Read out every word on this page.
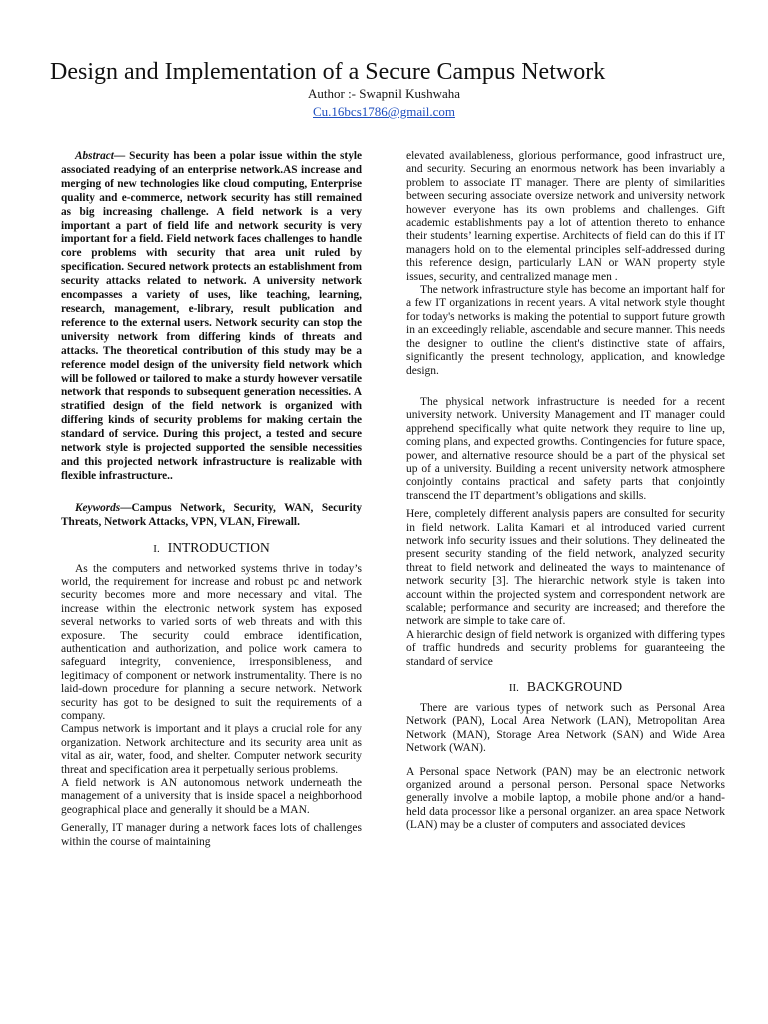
Design and Implementation of a Secure Campus Network
Author :- Swapnil Kushwaha
Cu.16bcs1786@gmail.com

Abstract— Security has been a polar issue within the style associated readying of an enterprise network.AS increase and merging of new technologies like cloud computing, Enterprise quality and e-commerce, network security has still remained as big increasing challenge. A field network is a very important a part of field life and network security is very important for a field. Field network faces challenges to handle core problems with security that area unit ruled by specification. Secured network protects an establishment from security attacks related to network. A university network encompasses a variety of uses, like teaching, learning, research, management, e-library, result publication and reference to the external users. Network security can stop the university network from differing kinds of threats and attacks. The theoretical contribution of this study may be a reference model design of the university field network which will be followed or tailored to make a sturdy however versatile network that responds to subsequent generation necessities. A stratified design of the field network is organized with differing kinds of security problems for making certain the standard of service. During this project, a tested and secure network style is projected supported the sensible necessities and this projected network infrastructure is realizable with flexible infrastructure..

Keywords—Campus Network, Security, WAN, Security Threats, Network Attacks, VPN, VLAN, Firewall.

I. INTRODUCTION

As the computers and networked systems thrive in today’s world, the requirement for increase and robust pc and network security becomes more and more necessary and vital. The increase within the electronic network system has exposed several networks to varied sorts of web threats and with this exposure. The security could embrace identification, authentication and authorization, and police work camera to safeguard integrity, convenience, irresponsibleness, and legitimacy of component or network instrumentality. There is no laid-down procedure for planning a secure network. Network security has got to be designed to suit the requirements of a company.

Campus network is important and it plays a crucial role for any organization. Network architecture and its security area unit as vital as air, water, food, and shelter. Computer network security threat and specification area it perpetually serious problems.

A field network is AN autonomous network underneath the management of a university that is inside spacel a neighborhood geographical place and generally it should be a MAN.

Generally, IT manager during a network faces lots of challenges within the course of maintaining

elevated availableness, glorious performance, good infrastruct ure, and security. Securing an enormous network has been invariably a problem to associate IT manager. There are plenty of similarities between securing associate oversize network and university network however everyone has its own problems and challenges. Gift academic establishments pay a lot of attention thereto to enhance their students’ learning expertise. Architects of field can do this if IT managers hold on to the elemental principles self-addressed during this reference design, particularly LAN or WAN property style issues, security, and centralized manage men .

The network infrastructure style has become an important half for a few IT organizations in recent years. A vital network style thought for today's networks is making the potential to support future growth in an exceedingly reliable, ascendable and secure manner. This needs the designer to outline the client's distinctive state of affairs, significantly the present technology, application, and knowledge design.

The physical network infrastructure is needed for a recent university network. University Management and IT manager could apprehend specifically what quite network they require to line up, coming plans, and expected growths. Contingencies for future space, power, and alternative resource should be a part of the physical set up of a university. Building a recent university network atmosphere conjointly contains practical and safety parts that conjointly transcend the IT department’s obligations and skills.

Here, completely different analysis papers are consulted for security in field network. Lalita Kamari et al introduced varied current network info security issues and their solutions. They delineated the present security standing of the field network, analyzed security threat to field network and delineated the ways to maintenance of network security [3]. The hierarchic network style is taken into account within the projected system and correspondent network are scalable; performance and security are increased; and therefore the network are simple to take care of.

A hierarchic design of field network is organized with differing types of traffic hundreds and security problems for guaranteeing the standard of service

II. BACKGROUND

There are various types of network such as Personal Area Network (PAN), Local Area Network (LAN), Metropolitan Area Network (MAN), Storage Area Network (SAN) and Wide Area Network (WAN).

A Personal space Network (PAN) may be an electronic network organized around a personal person. Personal space Networks generally involve a mobile laptop, a mobile phone and/or a hand-held data processor like a personal organizer. an area space Network (LAN) may be a cluster of computers and associated devices
